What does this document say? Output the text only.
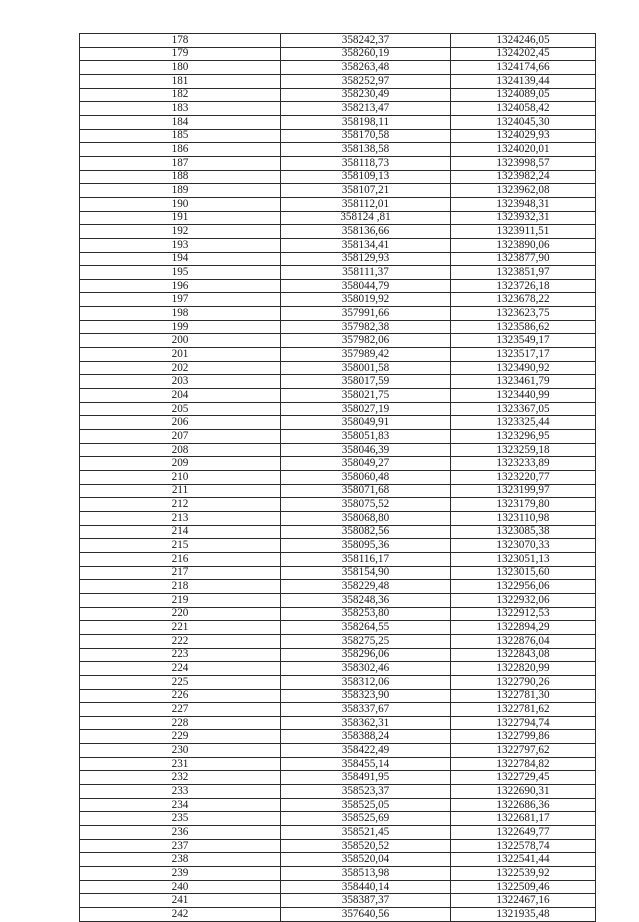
178	358242,37	1324246,05
179	358260,19	1324202,45
180	358263,48	1324174,66
181	358252,97	1324139,44
182	358230,49	1324089,05
183	358213,47	1324058,42
184	358198,11	1324045,30
185	358170,58	1324029,93
186	358138,58	1324020,01
187	358118,73	1323998,57
188	358109,13	1323982,24
189	358107,21	1323962,08
190	358112,01	1323948,31
191	358124 ,81	1323932,31
192	358136,66	1323911,51
193	358134,41	1323890,06
194	358129,93	1323877,90
195	358111,37	1323851,97
196	358044,79	1323726,18
197	358019,92	1323678,22
198	357991,66	1323623,75
199	357982,38	1323586,62
200	357982,06	1323549,17
201	357989,42	1323517,17
202	358001,58	1323490,92
203	358017,59	1323461,79
204	358021,75	1323440,99
205	358027,19	1323367,05
206	358049,91	1323325,44
207	358051,83	1323296,95
208	358046,39	1323259,18
209	358049,27	1323233,89
210	358060,48	1323220,77
211	358071,68	1323199,97
212	358075,52	1323179,80
213	358068,80	1323110,98
214	358082,56	1323085,38
215	358095,36	1323070,33
216	358116,17	1323051,13
217	358154,90	1323015,60
218	358229,48	1322956,06
219	358248,36	1322932,06
220	358253,80	1322912,53
221	358264,55	1322894,29
222	358275,25	1322876,04
223	358296,06	1322843,08
224	358302,46	1322820,99
225	358312,06	1322790,26
226	358323,90	1322781,30
227	358337,67	1322781,62
228	358362,31	1322794,74
229	358388,24	1322799,86
230	358422,49	1322797,62
231	358455,14	1322784,82
232	358491,95	1322729,45
233	358523,37	1322690,31
234	358525,05	1322686,36
235	358525,69	1322681,17
236	358521,45	1322649,77
237	358520,52	1322578,74
238	358520,04	1322541,44
239	358513,98	1322539,92
240	358440,14	1322509,46
241	358387,37	1322467,16
242	357640,56	1321935,48
